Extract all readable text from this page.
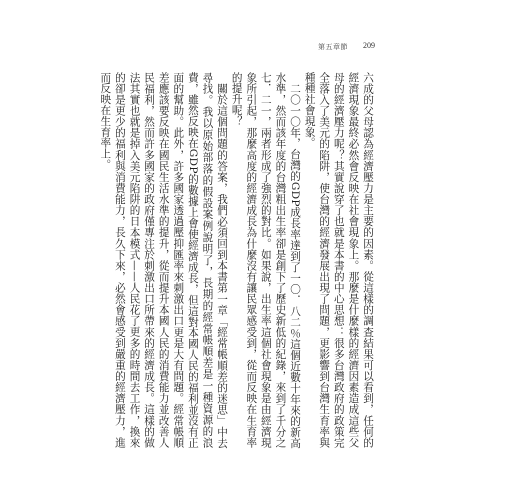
第五章節 209

六成的父母認為經濟壓力是主要的因素。從這樣的調查結果可以看到，任何的經濟現象最終必然會反映在社會現象上。那麼是什麼樣的經濟因素造成這些父母的經濟壓力呢？其實說穿了也就是本書的中心思想：很多台灣政府的政策完全落入了美元的陷阱，使台灣的經濟發展出現了問題，更影響到台灣生育率與種種社會現象。

二〇一〇年，台灣的GDP成長率達到了一〇．八二％這個近數十年來的新高水準，然而該年度的台灣粗出生率卻是創下了歷史新低的紀錄，來到了千分之七．二一，兩者形成了強烈的對比。如果說，出生率這個社會現象是由經濟現象所引起，那麼高度的經濟成長為什麼沒有讓民眾感受到，從而反映在生育率的提升呢？

關於這個問題的答案，我們必須回到本書第一章「經常帳順差的迷思」中去尋找。我以原始部落的假設案例說明了，長期的經常帳順差是一種資源的浪費，雖然反映在GDP的數據上會使經濟成長，但這對本國人民的福利並沒有正面的幫助。此外，許多國家透過壓抑匯率來刺激出口更是大有問題。經常帳順差應該要反映在國民生活水準的提升，從而提升本國人民的消費能力並改善人民福利，然而許多國家的政府僅專注於刺激出口所帶來的經濟成長。這樣的做法其實也就是掉入美元陷阱的日本模式——人民花了更多的時間去工作，換來的卻是更少的福利與消費能力，長久下來，必然會感受到嚴重的經濟壓力，進而反映在生育率上。
